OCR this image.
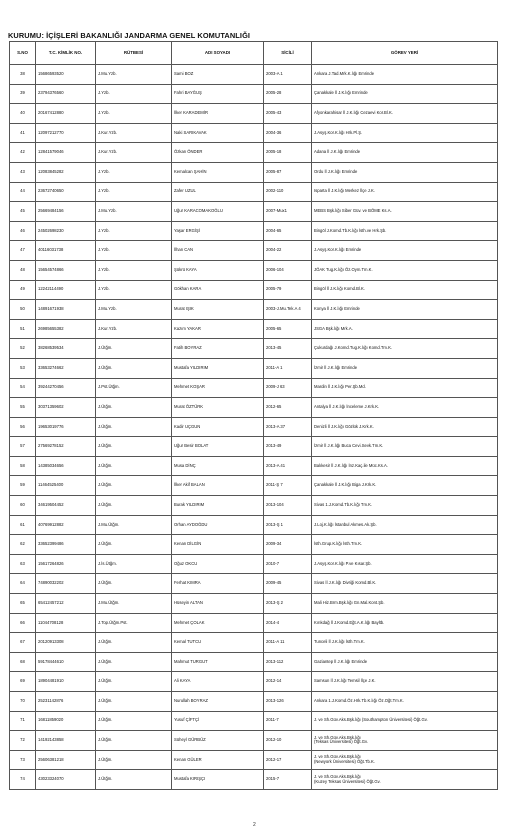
KURUMU: İÇİŞLERİ BAKANLIĞI JANDARMA GENEL KOMUTANLIĞI
S.NO	T.C. KİMLİK NO.	RÜTBESİ	ADI SOYADI	SİCİLİ	GÖREV YERİ
38	15686593520	J.Mu.Yzb.	Sami BOZ	2003-A 1	Ankara J.Tad.Mrk.K.lığı Emrinde

39	23794376560	J.Yzb.	Fahri BAYĞUŞ	2005-28	Çanakkale İl J.K.lığı Emrinde

40	20167412880	J.Yzb.	İlker KARADEMİR	2005-43	Afyonkarahisar İl J.K.lığı Cezaevi Kor.Bl.K.

41	12097212770	J.Kur.Yzb.	Naki SARIKAVAK	2004-36	J.Asyş.Kor.K.lığı Hrk.Pl.Ş.

42	12841579046	J.Kur.Yzb.	Özkan ÖNDER	2005-18	Adana İl J.K.lığı Emrinde

43	12083845282	J.Yzb.	Kemalcan ŞAHİN	2005-87	Ordu İl J.K.lığı Emrinde

44	23672740650	J.Yzb.	Zafer UZUL	2002-110	Isparta İl J.K.lığı Merkez İlçe J.K.

45	25669484156	J.Mu.Yzb.	Uğur KARACOMAKOĞLU	2007-Mux1	MEBS Bşk.lığı Siber Güv. ve BÖME Ks.A.

46	24502698230	J.Yzb.	Yaşar ERGİŞİ	2004-65	Bingöl J.Komd.Tb.K.lığı İsth.ve Hrk.Şb.

47	40116031738	J.Yzb.	İlhan CAN	2004-22	J.Asyş.Kor.K.lığı Emrinde

48	15654574866	J.Yzb.	Şükrü KAYA	2006-104	JÖAK Tug.K.lığı Öz.Oym.Tm.K.

49	12242114490	J.Yzb.	Gökhan KARA	2005-79	Bingöl İl J.K.lığı Komd.Bl.K.

50	14891671938	J.Mu.Yzb.	Murat IŞIK	2003-J.Mu.Tek.A 4	Konya İl J.K.lığı Emrinde

51	26985655382	J.Kur.Yzb.	Kazım YAKAR	2005-65	JSGA Bşk.lığı Mrk.A.

52	38268539534	J.Ütğm.	Fatih BOYRAZ	2013-45	Çukurdağı J.Komd.Tug.K.lığı Komd.Tm.K.

53	33653274662	J.Ütğm.	Mustafa YILDIRIM	2011-A 1	İzmir İl J.K.lığı Emrinde

54	39244270456	J.Pst.Ütğm.	Mehmet KOŞAR	2009-J 63	Mardin İl J.K.lığı Per.Şb.Md.

55	30371359602	J.Ütğm.	Murat ÖZTÜRK	2012-65	Antalya İl J.K.lığı İnceleme J.Krk.K.

56	19653019776	J.Ütğm.	Kadir UÇGUN	2013-A 37	Denizli İl J.K.lığı Gözlük J.Krk.K.

57	27569278152	J.Ütğm.	Uğur Besir BOLAT	2013-49	İzmir İl J.K.lığı Buca Cevi.Sevk.Tm.K.

58	14385034656	J.Ütğm.	Musa DİNÇ	2013-A 41	Balıkesir İl J.K.lığı İnz.Kaç.ile Müc.Ks.A.

59	11464525400	J.Ütğm.	İlker Akif BALAN	2011-Ş 7	Çanakkale İl J.K.lığı Biga J.Krk.K.

60	34619504452	J.Ütğm.	Burak YILDIRIM	2013-104	Sivas 1.J.Komd.Tb.K.lığı Tm.K.

61	40769912882	J.Mu.Ütğm.	Orhan AYDOĞDU	2013-Ş 1	J.Loj.K.lığı İstanbul Akmes.Ak.Şb.

62	33652399486	J.Ütğm.	Kenan DİLGİN	2009-34	İsth.Grup.K.lığı İsth.Tm.K.

63	15617264826	J.İs.Ütğm.	Oğuz OKCU	2010-7	J.Asyş.Kor.K.lığı P.ve Kısar.Şb.

64	74890032202	J.Ütğm.	Ferhat KIMRA	2009-45	Sivas İl J.K.lığı Divriği Komd.Bl.K.

65	65412457212	J.Mu.Ütğm.	Hüseyin ALTAN	2013-Ş 2	Mali Hiz.Brm.Bşk.lığı Gn.Mal.Kont.Şb.

66	11044708128	J.Top.Ütğm.Pst.	Mehmet ÇOLAK	2014-4	Kırıkdağ İl J.Komd.Eğt.A.K.lığı Bayltb.

67	20120913308	J.Ütğm.	Kemal TUTCU	2011-A 11	Tunceli İl J.K.lığı İsth.Tm.K.

68	59178444610	J.Ütğm.	Mahmut TURGUT	2013-112	Gaziantep İl J.K.lığı Emrinde

69	18904481910	J.Ütğm.	Ali KAYA	2012-14	Samsun İl J.K.lığı Temsil İlçe J.K.

70	25231142876	J.Ütğm.	Nurullah BOYRAZ	2013-126	Ankara 1.J.Komd.Öz.Hrk.Tb.K.lığı Öz.Oğt.Tm.K.

71	16811859020	J.Ütğm.	Yusuf ÇİFTÇİ	2011-7	J. ve Sh.Güv.Aks.Bşk.lığı (Southampton Üniversitesi) Öğt.Gv.

72	14192143858	J.Ütğm.	Süheyl GÜRBÜZ	2012-10	J. ve Sh.Güv.Aks.Bşk.lığı
(Teksas Üniversitesi) Öğt.Gv.

73	25606381218	J.Ütğm.	Kenan GÜLER	2012-17	J. ve Sh.Güv.Aks.Bşk.lığı
(Newyork Üniversitesi) Öğt.Tb.K.

74	43023324070	J.Ütğm.	Mustafa KIRIŞÇI	2015-7	J. ve Sh.Güv.Aks.Bşk.lığı
(Kuzey Teksas Üniversitesi) Öğt.Gv.
2
